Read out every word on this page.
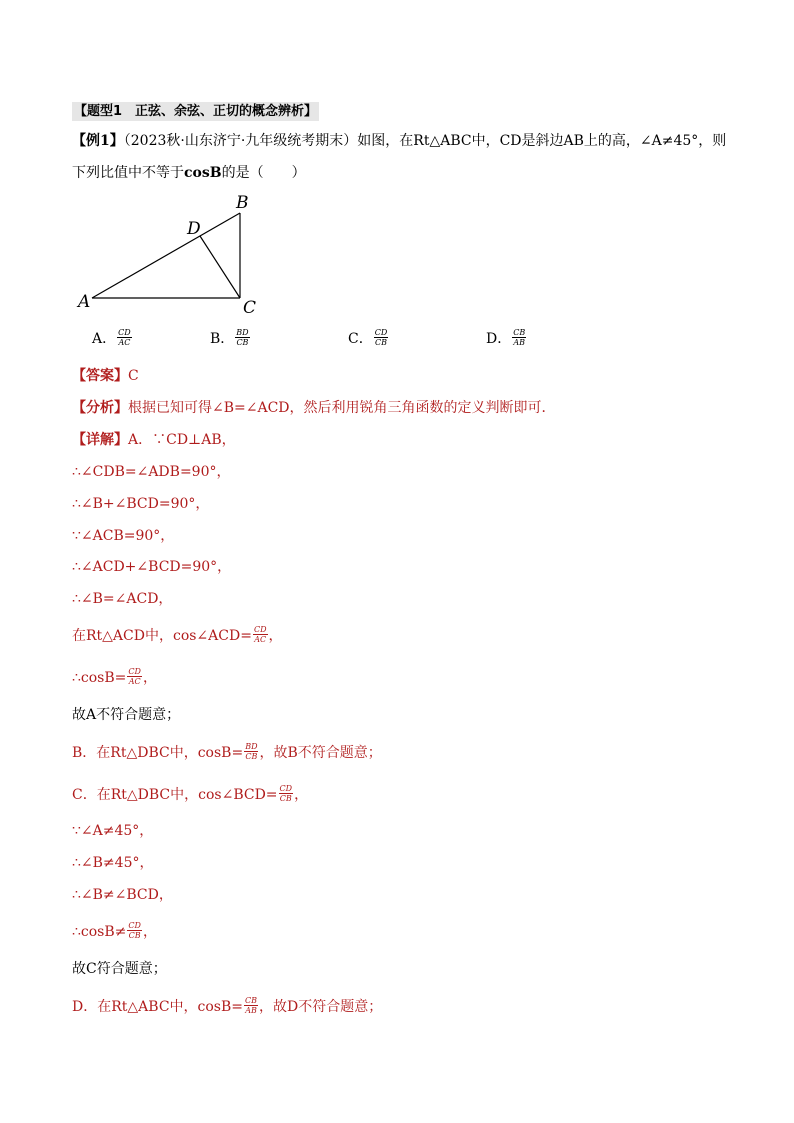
【题型1　正弦、余弦、正切的概念辨析】
【例1】（2023秋·山东济宁·九年级统考期末）如图，在Rt△ABC中，CD是斜边AB上的高，∠A≠45°，则
下列比值中不等于cosB的是（　　）
A
B
C
D
A． $\frac{CD}{AC}$	B． $\frac{BD}{CB}$	C． $\frac{CD}{CB}$	D． $\frac{CB}{AB}$
【答案】C
【分析】根据已知可得∠B=∠ACD，然后利用锐角三角函数的定义判断即可．
【详解】A．∵CD⊥AB，
∴∠CDB=∠ADB=90°，
∴∠B+∠BCD=90°，
∵∠ACB=90°，
∴∠ACD+∠BCD=90°，
∴∠B=∠ACD，
在Rt△ACD中，cos∠ACD= $\frac{CD}{AC}$ ，
∴cosB= $\frac{CD}{AC}$ ，
故A不符合题意；
B．在Rt△DBC中，$\cos B= \frac{BD}{CB}$ ，故B不符合题意；
C．在Rt△DBC中，cos∠BCD= $\frac{CD}{CB}$ ，
∵∠A≠45°，
∴∠B≠45°，
∴∠B≠∠BCD，
∴cosB≠ $\frac{CD}{CB}$ ，
故C符合题意；
D．在Rt△ABC中，$\cos B= \frac{CB}{AB}$ ，故D不符合题意；
